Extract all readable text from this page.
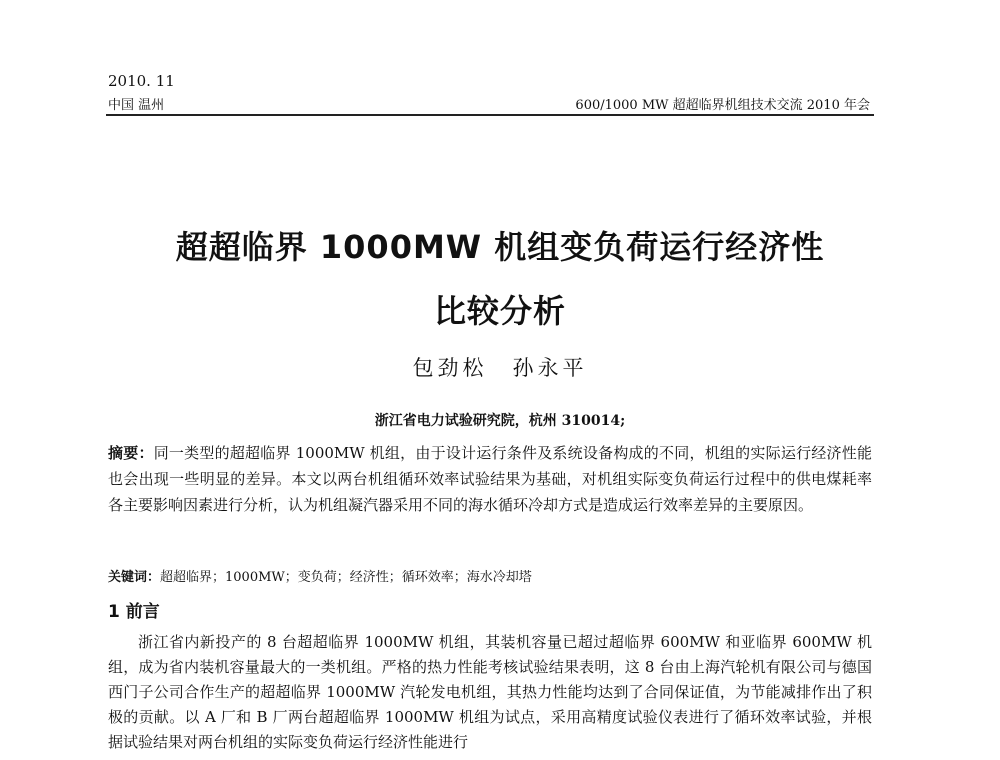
2010. 11
中国 温州	600/1000 MW 超超临界机组技术交流 2010 年会
超超临界 1000MW 机组变负荷运行经济性
比较分析
包劲松　孙永平
浙江省电力试验研究院，杭州 310014;
摘要：同一类型的超超临界 1000MW 机组，由于设计运行条件及系统设备构成的不同，机组的实际运行经济性能也会出现一些明显的差异。本文以两台机组循环效率试验结果为基础，对机组实际变负荷运行过程中的供电煤耗率各主要影响因素进行分析，认为机组凝汽器采用不同的海水循环冷却方式是造成运行效率差异的主要原因。
关键词：超超临界；1000MW；变负荷；经济性；循环效率；海水冷却塔
1 前言
浙江省内新投产的 8 台超超临界 1000MW 机组，其装机容量已超过超临界 600MW 和亚临界 600MW 机组，成为省内装机容量最大的一类机组。严格的热力性能考核试验结果表明，这 8 台由上海汽轮机有限公司与德国西门子公司合作生产的超超临界 1000MW 汽轮发电机组，其热力性能均达到了合同保证值，为节能减排作出了积极的贡献。以 A 厂和 B 厂两台超超临界 1000MW 机组为试点，采用高精度试验仪表进行了循环效率试验，并根据试验结果对两台机组的实际变负荷运行经济性能进行
